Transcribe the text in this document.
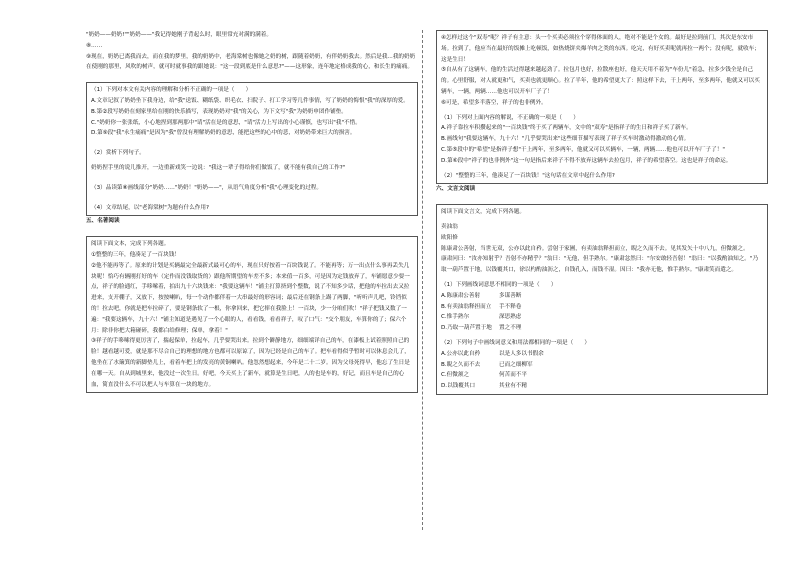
"奶奶——奶奶!""奶奶——"我记得她刚子背起么时，眼里常充对满的满着。

⑧……

⑨现在，奶奶已离我而去，而在我的梦里，我的奶奶中，老海棠树也像她之奶的树，跟随着奶奶，有伴奶奶我去。然后是我...我的奶奶在使刚的那里，风吹的树声，就可时就事我的跟她说："这一段到底是什么意思?"——这形象，连年地定格成我的心，和长生的痛痛。

（1）下列对本文有关内容的理解和分析不正确的一项是（　　）

A.文章记叙了奶奶坐下我身边，给"我"送饭、糊纸袋、织毛衣、扫院子、打工学习等几件事情，写了奶奶的悔恨"我"的深厚的爱。

B.第②段写奶奶在刻家里给在刚的快乐描写，表现奶奶对"我"的关心，为下文写"我"为奶奶申团作铺垫。

C."奶奶你一张张纸，小心地捏到那两那中"请"活在是的意思，"请"活力上写出的小心谨慎，也写出"我"不惜。

D.第⑨段"我"永生痛痛"是因为"我"曾没有理解奶奶的意思，能把这些的心中的悲，对奶奶带来巨大的损害。

（2）赏析下列句子。

奶奶捏手里的说儿推开，一边重新戏笑一边说："我这一辈子得给你们做饭了，就不能有我自己的工作?"

（3）品读第⑧画线部分"奶奶……"奶奶！"奶奶——"，从语气角度分析"我"心理变化的过程。

（4）文章结尾，以"老海棠树"为题有什么作用?

五、名著阅读

阅读下面文本，完成下列各题。

①整整的三年，他凑足了一百块钱！

②他不能再等了。原来的计划是买辆最完全最新式最可心的车，现在只好按着一百块钱说了。不能再等；万一出点什么事再丢失几块呢！恰巧有辆刚打好的车（定作而没钱取货的）跟他所期望的车差不多；本来值一百多，可是因为定钱放弃了，车铺愿意少要一点，祥子的脸通红，手哆嗦着，拍出九十六块钱来："我要这辆车！"铺主打算挤到个整数，说了不知多少话，把他的车拉出去又拉进来，支开棚子，又放下，按按喇叭，每一个动作都伴着一大串最好的形容词；最后还在钢条上踢了两脚，"听听声儿吧，铃铛似的！拉去吧，你就是把车拉碎了，要是钢条软了一根，你拿回来，把它摔在我脸上！一百块，少一分咱们吹！"祥子把钱又数了一遍："我要这辆车，九十六！"铺主知道是遇见了一个心眼的人，看看钱，看看祥子，叹了口气："交个朋友，车算你的了；保六个月：除非你把大箱碰碎，我都白给修理；保单，拿着！"

③祥子的手哆嗦得更厉害了，揣起保单，拉起车，几乎要哭出来。拉到个僻静地方，细细端详自己的车，在漆板上试着照照自己的脸！越看越可爱，就是那不尽合自己的理想的地方也都可以原谅了，因为已经是自己的车了。把车看得似乎暂时可以休息会儿了，他坐在了水簸箕的新脚垫儿上，看着车把上的发亮的黄铜喇叭。他忽然想起来，今年是二十二岁。因为父母死得早，他忘了生日是在哪一天。自从到城里来，他没过一次生日。好吧，今天买上了新车，就算是生日吧，人的也是车的，好记，而且车是自己的心血，简直没什么不可以把人与车算在一块的地方。

④怎样过这个"双寿"呢？祥子有主意：头一个买卖必须拉个穿得体面的人，绝对不能是个女的。最好是拉到前门，其次是东安市场。拉到了，他应当在最好的饭摊上吃顿饭，如热烧饼夹爆羊肉之类的东西。吃完，有好买卖呢就再拉一两个；没有呢，就收车；这是生日！

⑤自从有了这辆车，他的生活过得越来越起劲了。拉包月也好，拉散座也好，他天天用不着为"车份儿"着急，拉多少钱全是自己的。心里舒服，对人就更和气，买卖也就更顺心。拉了半年，他的希望更大了：照这样下去，干上两年，至多两年，他就又可以买辆车，一辆，两辆……他也可以开车厂子了！

⑥可是，希望多半落空，祥子的也非例外。

（1）下列对上面内容的解说，不正确的一项是（　　）

A.祥子靠拉车积攒起来的"一百块钱"终于买了两辆车，文中的"双寿"是指祥子的生日和祥子买了新车。

B.画线句"我要这辆车，九十六！"几乎要哭出来"这些细节描写表现了祥子买车时激动得激动的心情。

C.第⑤段中的"希望"是指祥子想"干上两年，至多两年，他就又可以买辆车，一辆，两辆……他也可以开车厂子了！"

D.第⑥段中"祥子的也非例外"这一句是指后来祥子不得不放弃这辆车去拉包月，祥子的希望落空。这也是祥子的命运。

（2）"整整的三年，他凑足了一百块钱！"这句话在文章中起什么作用?

六、文言文阅读

阅读下面文言文，完成下列各题。

卖油翁

欧阳修

陈康肃公善射，当世无双，公亦以此自矜。尝射于家圃，有卖油翁释担而立，睨之久而不去。见其发矢十中八九，但微颔之。

康肃问曰："汝亦知射乎？吾射不亦精乎？"翁曰："无他，但手熟尔。"康肃忿然曰："尔安敢轻吾射！"翁曰："以我酌油知之。"乃取一葫芦置于地，以钱覆其口，徐以杓酌油沥之，自钱孔入，而钱不湿。因曰："我亦无他，惟手熟尔。"康肃笑而遣之。

（1）下列画线词意思不相同的一项是（　　）

A.陈康肃公善射	多谋善断
B.有卖油翁释担而立	手不释卷
C.惟手熟尔	深思熟虑
D.乃取一葫芦置于地	置之不理

（2）下列句子中画线词意义和用法都相同的一项是（　　）

A.公亦以此自矜	以是人多以书假余
B.睨之久而不去	已而之细柳军
C.但微颔之	何苦而不平
D.以钱覆其口	其业有不精
